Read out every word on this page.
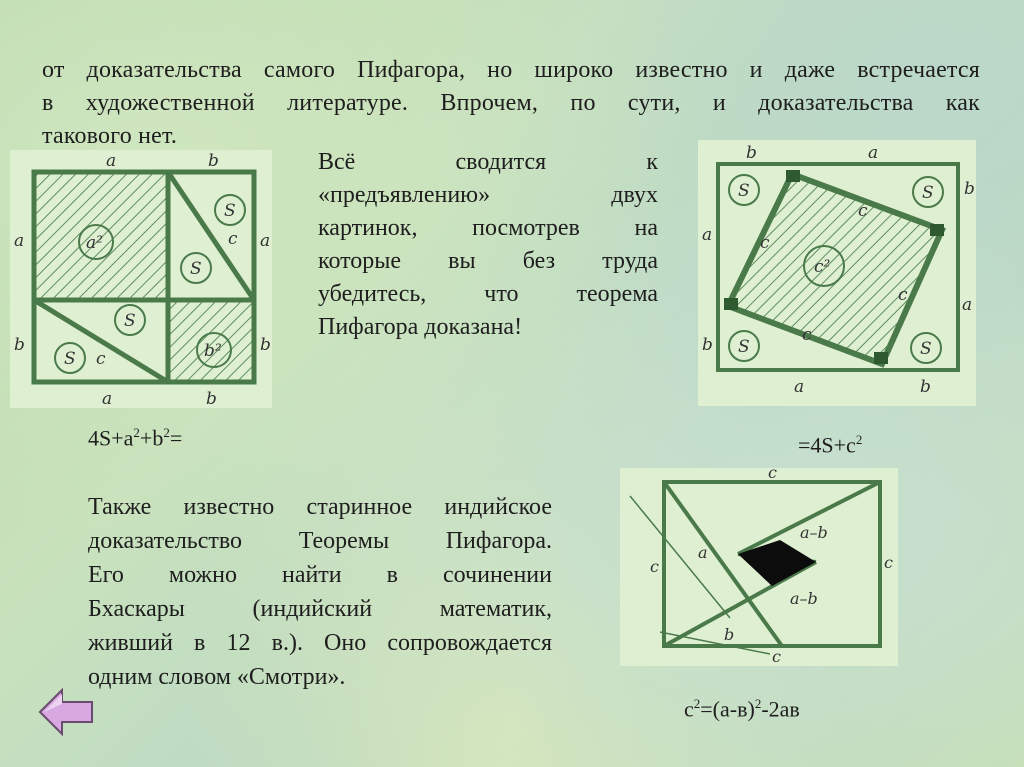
от доказательства самого Пифагора, но широко известно и даже встречается
в художественной литературе. Впрочем, по сути, и доказательства как
такового нет.
Всё сводится к
«предъявлению» двух
картинок, посмотрев на
которые вы без труда
убедитесь, что теорема
Пифагора доказана!
$4S+a^2+b^2=$	$=4S+c^2$
Также известно старинное индийское
доказательство Теоремы Пифагора.
Его можно найти в сочинении
Бхаскары (индийский математик,
живший в 12 в.). Оно сопровождается
одним словом «Смотри».
$c^2=(a-в)^2-2aв$
a	b
a	a
b	b
a	b
a²
b²
S
S
S
S
c
c
b	a
b
a
a
b
a	b
c²
c
c
c
c
S	S
S	S
c
c	c
c
a
b
a–b
a–b
